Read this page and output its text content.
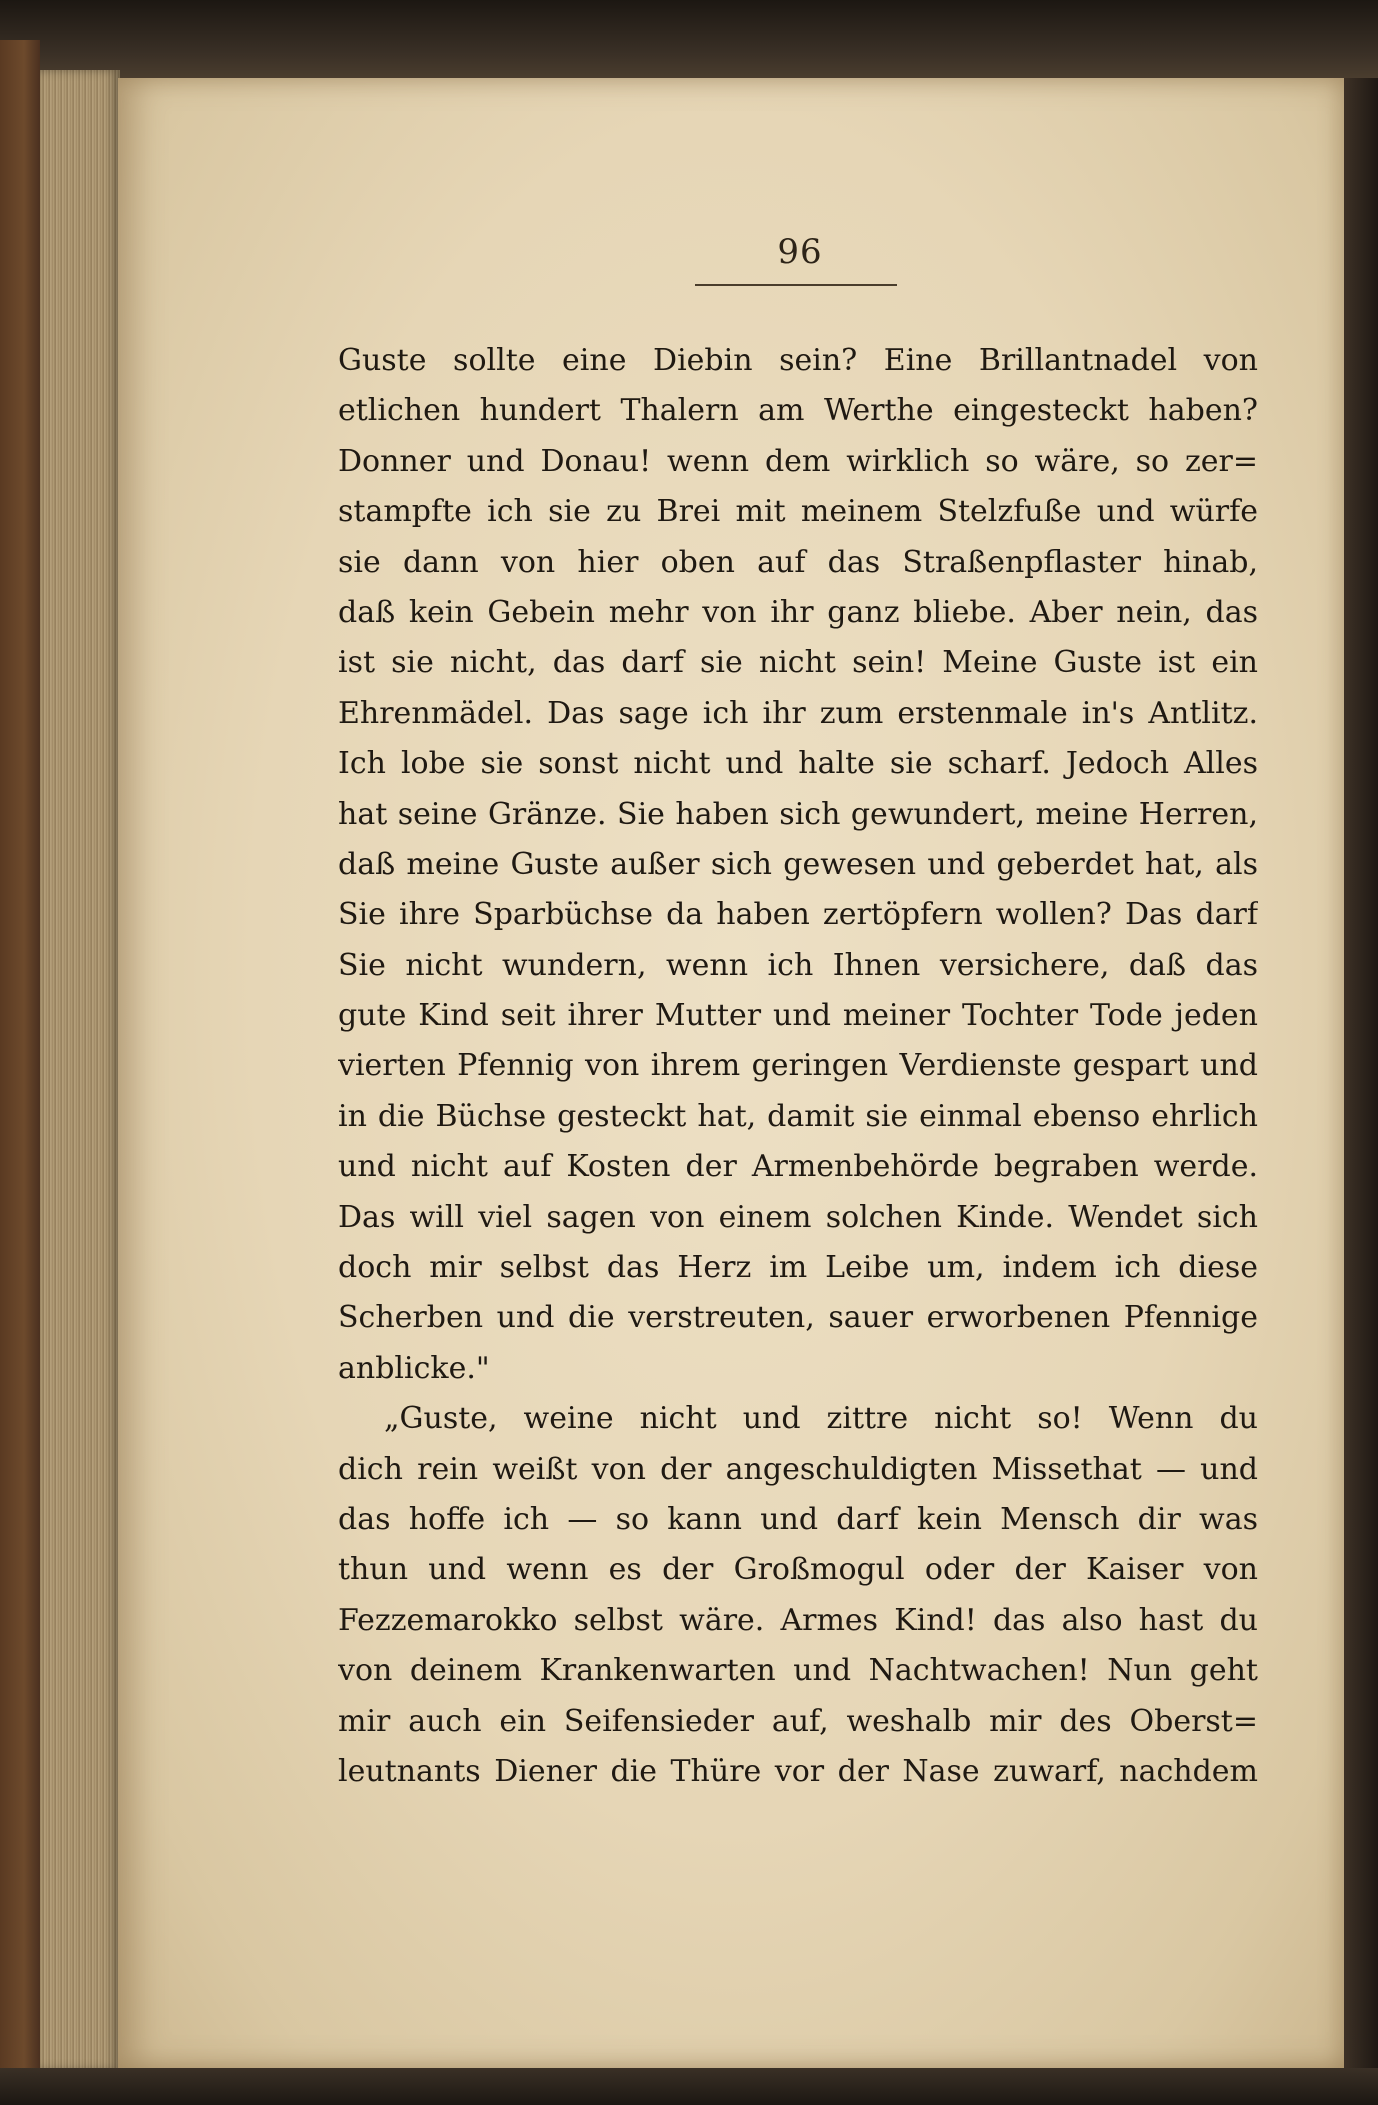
96
Guste sollte eine Diebin sein? Eine Brillantnadel von
etlichen hundert Thalern am Werthe eingesteckt haben?
Donner und Donau! wenn dem wirklich so wäre, so zer=
stampfte ich sie zu Brei mit meinem Stelzfuße und würfe
sie dann von hier oben auf das Straßenpflaster hinab,
daß kein Gebein mehr von ihr ganz bliebe. Aber nein, das
ist sie nicht, das darf sie nicht sein! Meine Guste ist ein
Ehrenmädel. Das sage ich ihr zum erstenmale in's Antlitz.
Ich lobe sie sonst nicht und halte sie scharf. Jedoch Alles
hat seine Gränze. Sie haben sich gewundert, meine Herren,
daß meine Guste außer sich gewesen und geberdet hat, als
Sie ihre Sparbüchse da haben zertöpfern wollen? Das darf
Sie nicht wundern, wenn ich Ihnen versichere, daß das
gute Kind seit ihrer Mutter und meiner Tochter Tode jeden
vierten Pfennig von ihrem geringen Verdienste gespart und
in die Büchse gesteckt hat, damit sie einmal ebenso ehrlich
und nicht auf Kosten der Armenbehörde begraben werde.
Das will viel sagen von einem solchen Kinde. Wendet sich
doch mir selbst das Herz im Leibe um, indem ich diese
Scherben und die verstreuten, sauer erworbenen Pfennige
anblicke."
„Guste, weine nicht und zittre nicht so! Wenn du
dich rein weißt von der angeschuldigten Missethat — und
das hoffe ich — so kann und darf kein Mensch dir was
thun und wenn es der Großmogul oder der Kaiser von
Fezzemarokko selbst wäre. Armes Kind! das also hast du
von deinem Krankenwarten und Nachtwachen! Nun geht
mir auch ein Seifensieder auf, weshalb mir des Oberst=
leutnants Diener die Thüre vor der Nase zuwarf, nachdem
